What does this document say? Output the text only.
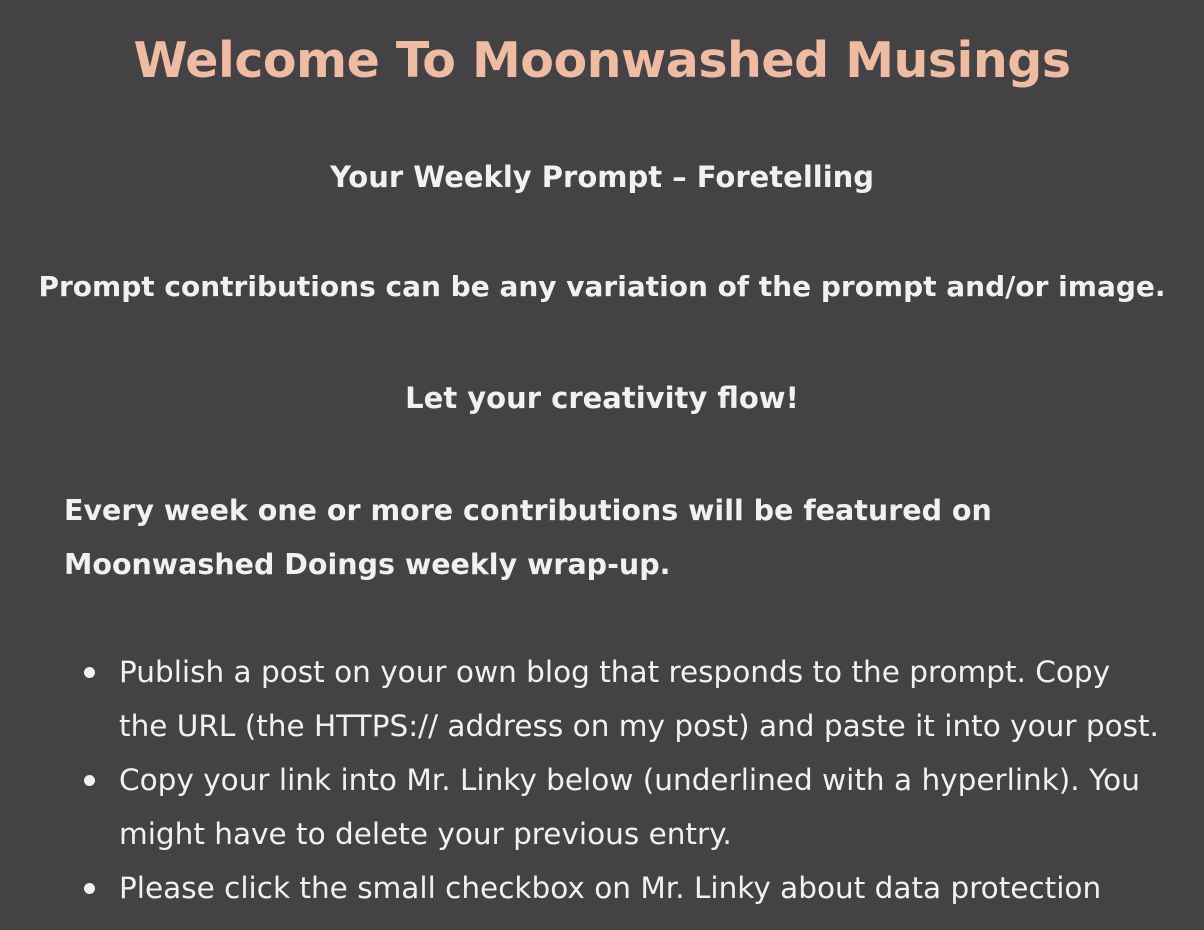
Welcome To Moonwashed Musings

Your Weekly Prompt – Foretelling

Prompt contributions can be any variation of the prompt and/or image.

Let your creativity flow!

Every week one or more contributions will be featured on Moonwashed Doings weekly wrap-up.

Publish a post on your own blog that responds to the prompt. Copy the URL (the HTTPS:// address on my post) and paste it into your post.
Copy your link into Mr. Linky below (underlined with a hyperlink). You might have to delete your previous entry.
Please click the small checkbox on Mr. Linky about data protection
